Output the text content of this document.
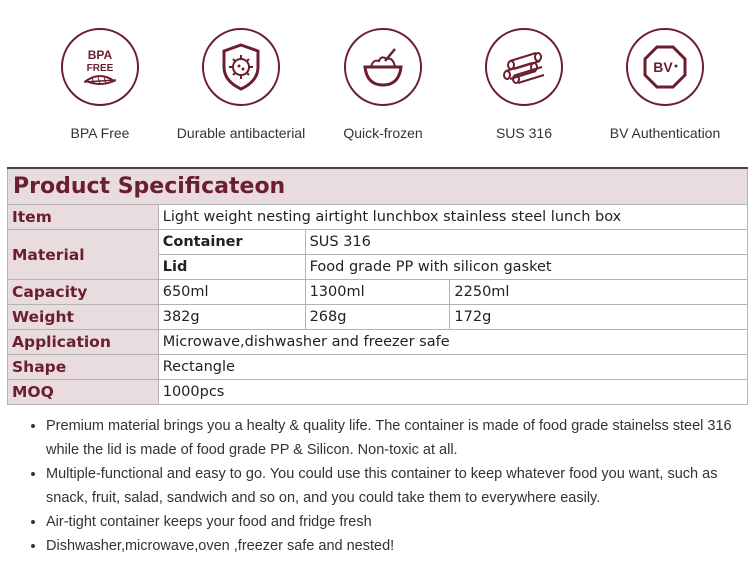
BPA
FREE
BPA Free	Durable antibacterial	Quick-frozen	SUS 316
BV
BV Authentication
Product Specificateon			
Item	Light weight nesting airtight lunchbox stainless steel lunch box		
Material	Container	SUS 316	
	Lid	Food grade PP with silicon gasket	
Capacity	650ml	1300ml	2250ml
Weight	382g	268g	172g
Application	Microwave,dishwasher and freezer safe		
Shape	Rectangle		
MOQ	1000pcs		
• Premium material brings you a healty & quality life. The container is made of food grade stainelss steel 316 while the lid is made of food grade PP & Silicon. Non-toxic at all.
• Multiple-functional and easy to go. You could use this container to keep whatever food you want, such as snack, fruit, salad, sandwich and so on, and you could take them to everywhere easily.
• Air-tight container keeps your food and fridge fresh
• Dishwasher,microwave,oven ,freezer safe and nested!
